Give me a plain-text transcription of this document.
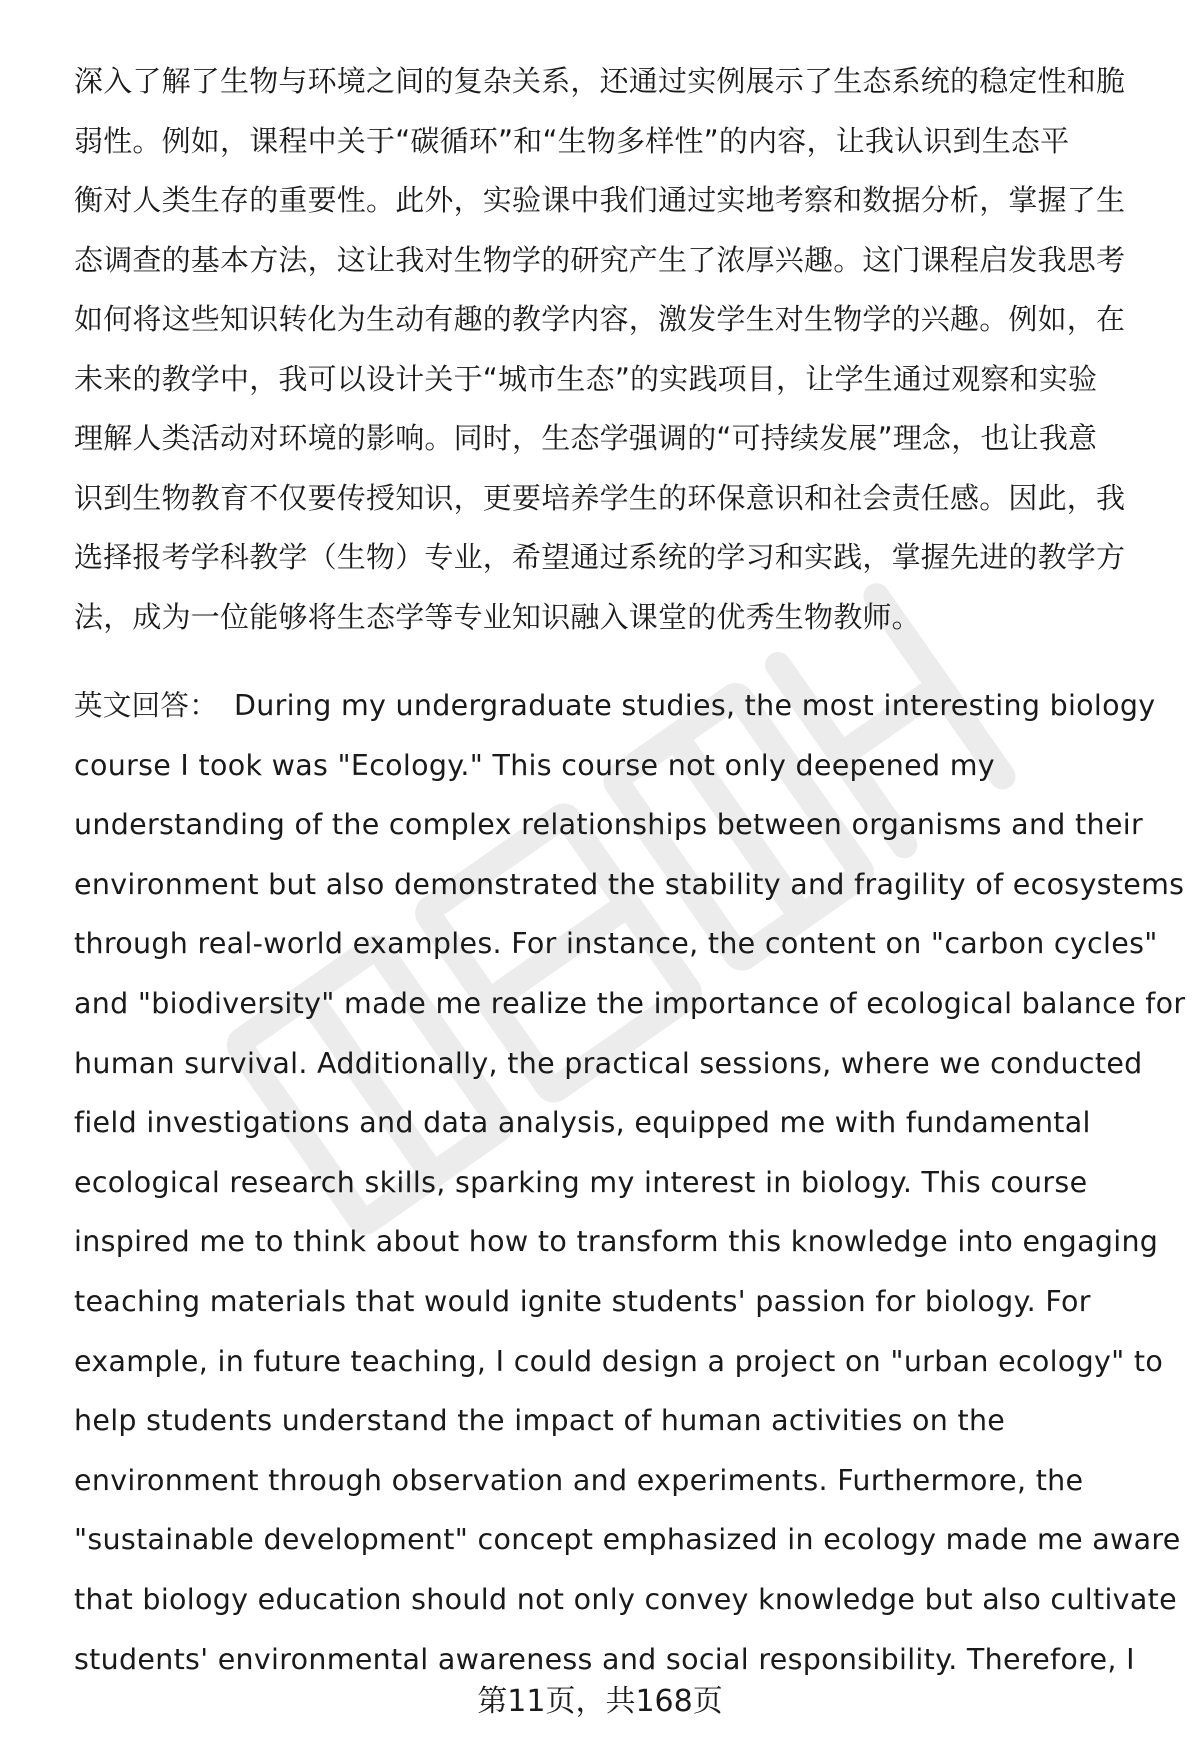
深入了解了生物与环境之间的复杂关系，还通过实例展示了生态系统的稳定性和脆
弱性。例如，课程中关于“碳循环”和“生物多样性”的内容，让我认识到生态平
衡对人类生存的重要性。此外，实验课中我们通过实地考察和数据分析，掌握了生
态调查的基本方法，这让我对生物学的研究产生了浓厚兴趣。这门课程启发我思考
如何将这些知识转化为生动有趣的教学内容，激发学生对生物学的兴趣。例如，在
未来的教学中，我可以设计关于“城市生态”的实践项目，让学生通过观察和实验
理解人类活动对环境的影响。同时，生态学强调的“可持续发展”理念，也让我意
识到生物教育不仅要传授知识，更要培养学生的环保意识和社会责任感。因此，我
选择报考学科教学（生物）专业，希望通过系统的学习和实践，掌握先进的教学方
法，成为一位能够将生态学等专业知识融入课堂的优秀生物教师。
英文回答： During my undergraduate studies, the most interesting biology
course I took was "Ecology." This course not only deepened my
understanding of the complex relationships between organisms and their
environment but also demonstrated the stability and fragility of ecosystems
through real-world examples. For instance, the content on "carbon cycles"
and "biodiversity" made me realize the importance of ecological balance for
human survival. Additionally, the practical sessions, where we conducted
field investigations and data analysis, equipped me with fundamental
ecological research skills, sparking my interest in biology. This course
inspired me to think about how to transform this knowledge into engaging
teaching materials that would ignite students' passion for biology. For
example, in future teaching, I could design a project on "urban ecology" to
help students understand the impact of human activities on the
environment through observation and experiments. Furthermore, the
"sustainable development" concept emphasized in ecology made me aware
that biology education should not only convey knowledge but also cultivate
students' environmental awareness and social responsibility. Therefore, I
第11页，共168页
